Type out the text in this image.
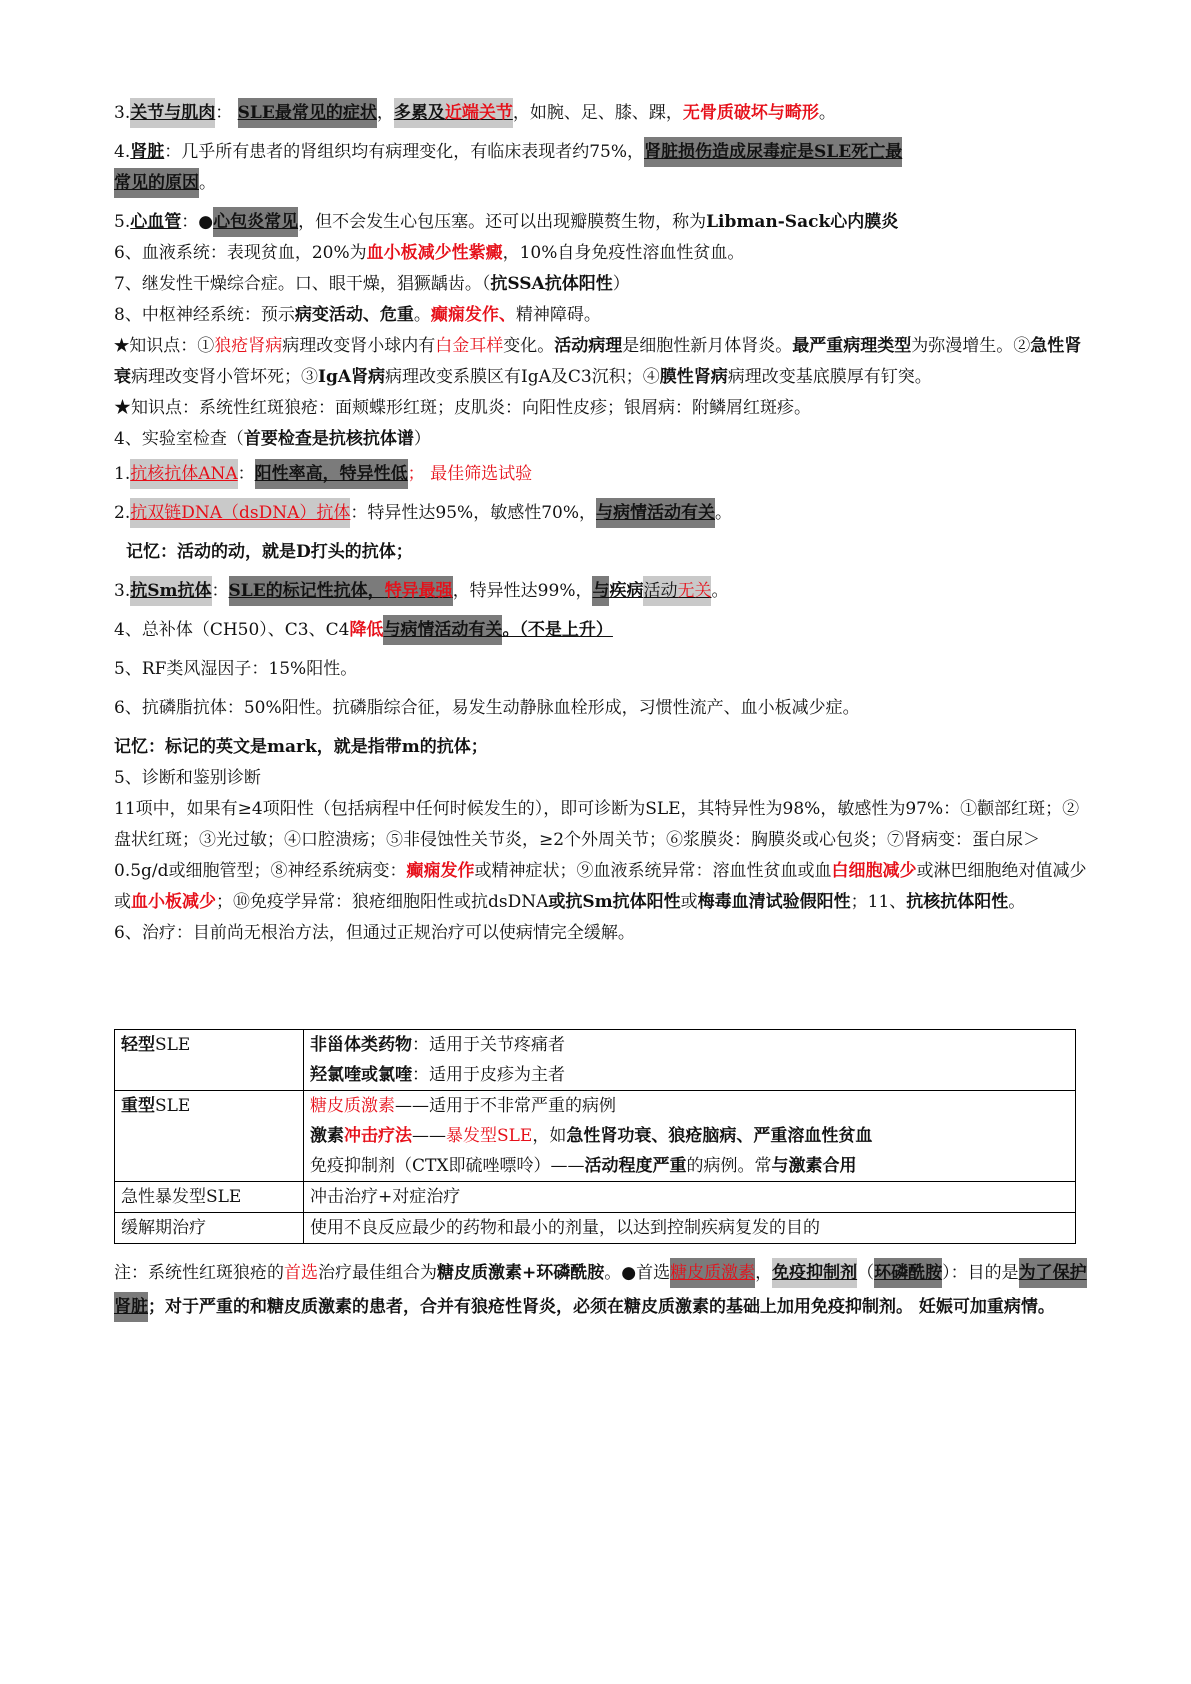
3.关节与肌肉： SLE最常见的症状，多累及近端关节，如腕、足、膝、踝，无骨质破坏与畸形。
4.肾脏：几乎所有患者的肾组织均有病理变化，有临床表现者约75%，肾脏损伤造成尿毒症是SLE死亡最
常见的原因。
5.心血管：●心包炎常见，但不会发生心包压塞。还可以出现瓣膜赘生物，称为Libman-Sack心内膜炎
6、血液系统：表现贫血，20%为血小板减少性紫癜，10%自身免疫性溶血性贫血。
7、继发性干燥综合症。口、眼干燥，猖獗龋齿。（抗SSA抗体阳性）
8、中枢神经系统：预示病变活动、危重。癫痫发作、精神障碍。
★知识点：①狼疮肾病病理改变肾小球内有白金耳样变化。活动病理是细胞性新月体肾炎。最严重病理类型为弥漫增生。②急性肾衰病理改变肾小管坏死；③IgA肾病病理改变系膜区有IgA及C3沉积；④膜性肾病病理改变基底膜厚有钉突。
★知识点：系统性红斑狼疮：面颊蝶形红斑；皮肌炎：向阳性皮疹；银屑病：附鳞屑红斑疹。
4、实验室检查（首要检查是抗核抗体谱）
1.抗核抗体ANA：阳性率高，特异性低； 最佳筛选试验
2.抗双链DNA（dsDNA）抗体：特异性达95%，敏感性70%，与病情活动有关。
记忆：活动的动，就是D打头的抗体；
3.抗Sm抗体：SLE的标记性抗体，特异最强，特异性达99%，与疾病活动无关。
4、总补体（CH50）、C3、C4降低与病情活动有关。（不是上升）
5、RF类风湿因子：15%阳性。
6、抗磷脂抗体：50%阳性。抗磷脂综合征，易发生动静脉血栓形成，习惯性流产、血小板减少症。
记忆：标记的英文是mark，就是指带m的抗体；
5、诊断和鉴别诊断
11项中，如果有≥4项阳性（包括病程中任何时候发生的），即可诊断为SLE，其特异性为98%，敏感性为97%：①颧部红斑；②盘状红斑；③光过敏；④口腔溃疡；⑤非侵蚀性关节炎，≥2个外周关节；⑥浆膜炎：胸膜炎或心包炎；⑦肾病变：蛋白尿＞0.5g/d或细胞管型；⑧神经系统病变：癫痫发作或精神症状；⑨血液系统异常：溶血性贫血或血白细胞减少或淋巴细胞绝对值减少或血小板减少；⑩免疫学异常：狼疮细胞阳性或抗dsDNA或抗Sm抗体阳性或梅毒血清试验假阳性；11、抗核抗体阳性。
6、治疗：目前尚无根治方法，但通过正规治疗可以使病情完全缓解。
轻型SLE	非甾体类药物：适用于关节疼痛者
羟氯喹或氯喹：适用于皮疹为主者

重型SLE	糖皮质激素——适用于不非常严重的病例
激素冲击疗法——暴发型SLE，如急性肾功衰、狼疮脑病、严重溶血性贫血
免疫抑制剂（CTX即硫唑嘌呤）——活动程度严重的病例。常与激素合用

急性暴发型SLE	冲击治疗+对症治疗
缓解期治疗	使用不良反应最少的药物和最小的剂量，以达到控制疾病复发的目的
注：系统性红斑狼疮的首选治疗最佳组合为糖皮质激素+环磷酰胺。●首选糖皮质激素，免疫抑制剂（环磷酰胺）：目的是为了保护肾脏；对于严重的和糖皮质激素的患者，合并有狼疮性肾炎，必须在糖皮质激素的基础上加用免疫抑制剂。 妊娠可加重病情。
